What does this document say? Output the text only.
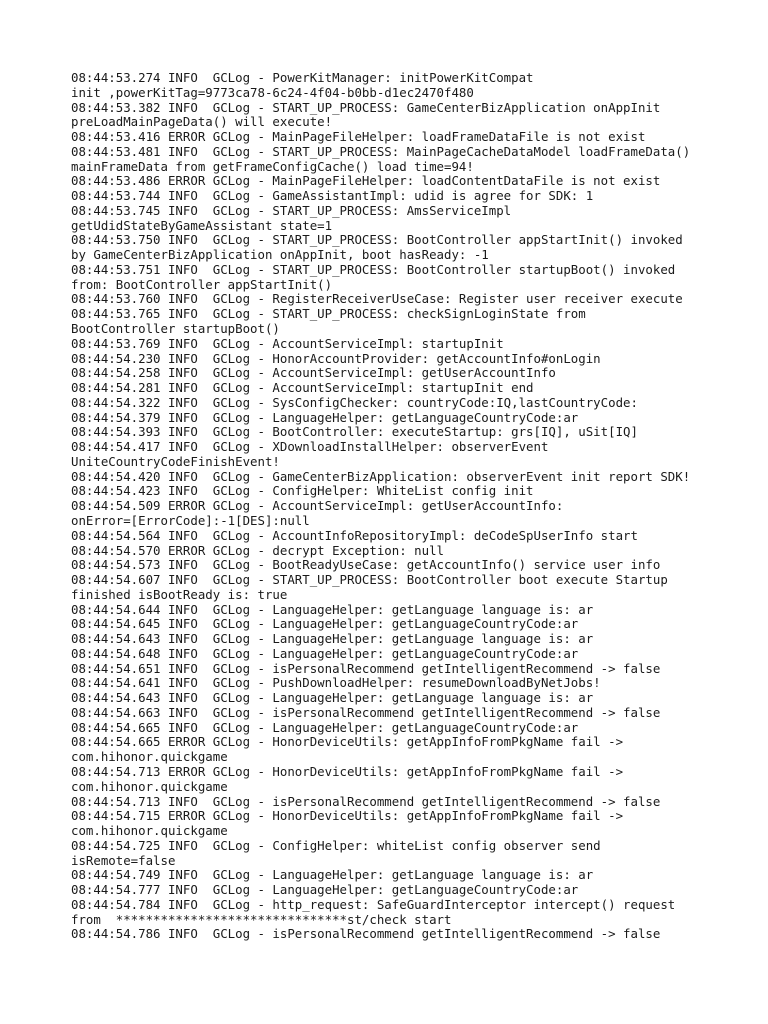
08:44:53.274 INFO  GCLog - PowerKitManager: initPowerKitCompat
init ,powerKitTag=9773ca78-6c24-4f04-b0bb-d1ec2470f480
08:44:53.382 INFO  GCLog - START_UP_PROCESS: GameCenterBizApplication onAppInit
preLoadMainPageData() will execute!
08:44:53.416 ERROR GCLog - MainPageFileHelper: loadFrameDataFile is not exist
08:44:53.481 INFO  GCLog - START_UP_PROCESS: MainPageCacheDataModel loadFrameData()
mainFrameData from getFrameConfigCache() load time=94!
08:44:53.486 ERROR GCLog - MainPageFileHelper: loadContentDataFile is not exist
08:44:53.744 INFO  GCLog - GameAssistantImpl: udid is agree for SDK: 1
08:44:53.745 INFO  GCLog - START_UP_PROCESS: AmsServiceImpl
getUdidStateByGameAssistant state=1
08:44:53.750 INFO  GCLog - START_UP_PROCESS: BootController appStartInit() invoked
by GameCenterBizApplication onAppInit, boot hasReady: -1
08:44:53.751 INFO  GCLog - START_UP_PROCESS: BootController startupBoot() invoked
from: BootController appStartInit()
08:44:53.760 INFO  GCLog - RegisterReceiverUseCase: Register user receiver execute
08:44:53.765 INFO  GCLog - START_UP_PROCESS: checkSignLoginState from
BootController startupBoot()
08:44:53.769 INFO  GCLog - AccountServiceImpl: startupInit
08:44:54.230 INFO  GCLog - HonorAccountProvider: getAccountInfo#onLogin
08:44:54.258 INFO  GCLog - AccountServiceImpl: getUserAccountInfo
08:44:54.281 INFO  GCLog - AccountServiceImpl: startupInit end
08:44:54.322 INFO  GCLog - SysConfigChecker: countryCode:IQ,lastCountryCode:
08:44:54.379 INFO  GCLog - LanguageHelper: getLanguageCountryCode:ar
08:44:54.393 INFO  GCLog - BootController: executeStartup: grs[IQ], uSit[IQ]
08:44:54.417 INFO  GCLog - XDownloadInstallHelper: observerEvent
UniteCountryCodeFinishEvent!
08:44:54.420 INFO  GCLog - GameCenterBizApplication: observerEvent init report SDK!
08:44:54.423 INFO  GCLog - ConfigHelper: WhiteList config init
08:44:54.509 ERROR GCLog - AccountServiceImpl: getUserAccountInfo:
onError=[ErrorCode]:-1[DES]:null
08:44:54.564 INFO  GCLog - AccountInfoRepositoryImpl: deCodeSpUserInfo start
08:44:54.570 ERROR GCLog - decrypt Exception: null
08:44:54.573 INFO  GCLog - BootReadyUseCase: getAccountInfo() service user info
08:44:54.607 INFO  GCLog - START_UP_PROCESS: BootController boot execute Startup
finished isBootReady is: true
08:44:54.644 INFO  GCLog - LanguageHelper: getLanguage language is: ar
08:44:54.645 INFO  GCLog - LanguageHelper: getLanguageCountryCode:ar
08:44:54.643 INFO  GCLog - LanguageHelper: getLanguage language is: ar
08:44:54.648 INFO  GCLog - LanguageHelper: getLanguageCountryCode:ar
08:44:54.651 INFO  GCLog - isPersonalRecommend getIntelligentRecommend -> false
08:44:54.641 INFO  GCLog - PushDownloadHelper: resumeDownloadByNetJobs!
08:44:54.643 INFO  GCLog - LanguageHelper: getLanguage language is: ar
08:44:54.663 INFO  GCLog - isPersonalRecommend getIntelligentRecommend -> false
08:44:54.665 INFO  GCLog - LanguageHelper: getLanguageCountryCode:ar
08:44:54.665 ERROR GCLog - HonorDeviceUtils: getAppInfoFromPkgName fail ->
com.hihonor.quickgame
08:44:54.713 ERROR GCLog - HonorDeviceUtils: getAppInfoFromPkgName fail ->
com.hihonor.quickgame
08:44:54.713 INFO  GCLog - isPersonalRecommend getIntelligentRecommend -> false
08:44:54.715 ERROR GCLog - HonorDeviceUtils: getAppInfoFromPkgName fail ->
com.hihonor.quickgame
08:44:54.725 INFO  GCLog - ConfigHelper: whiteList config observer send
isRemote=false
08:44:54.749 INFO  GCLog - LanguageHelper: getLanguage language is: ar
08:44:54.777 INFO  GCLog - LanguageHelper: getLanguageCountryCode:ar
08:44:54.784 INFO  GCLog - http_request: SafeGuardInterceptor intercept() request
from  *******************************st/check start
08:44:54.786 INFO  GCLog - isPersonalRecommend getIntelligentRecommend -> false
